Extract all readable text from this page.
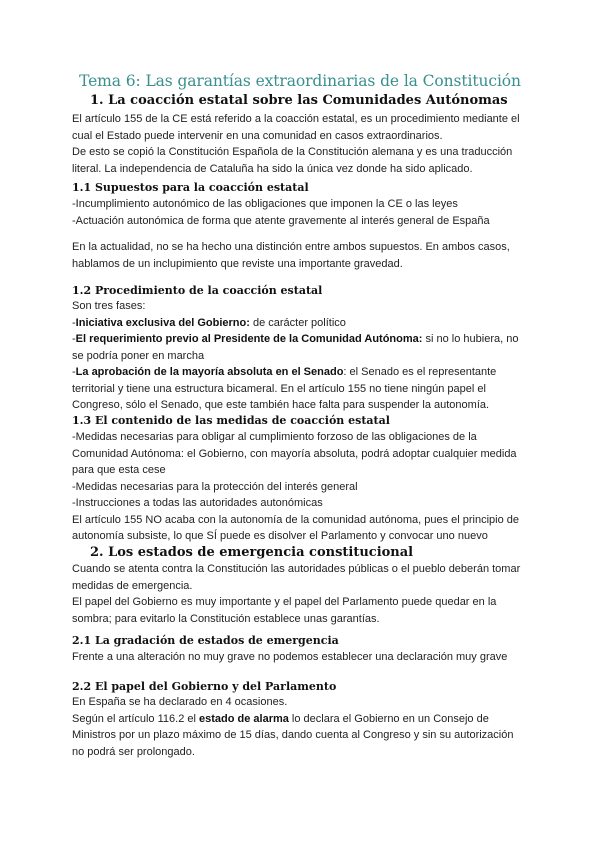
Tema 6: Las garantías extraordinarias de la Constitución
1. La coacción estatal sobre las Comunidades Autónomas
El artículo 155 de la CE está referido a la coacción estatal, es un procedimiento mediante el
cual el Estado puede intervenir en una comunidad en casos extraordinarios.
De esto se copió la Constitución Española de la Constitución alemana y es una traducción
literal. La independencia de Cataluña ha sido la única vez donde ha sido aplicado.
1.1 Supuestos para la coacción estatal
-Incumplimiento autonómico de las obligaciones que imponen la CE o las leyes
-Actuación autonómica de forma que atente gravemente al interés general de España
En la actualidad, no se ha hecho una distinción entre ambos supuestos. En ambos casos,
hablamos de un inclupimiento que reviste una importante gravedad.
1.2 Procedimiento de la coacción estatal
Son tres fases:
-Iniciativa exclusiva del Gobierno: de carácter político
-El requerimiento previo al Presidente de la Comunidad Autónoma: si no lo hubiera, no
se podría poner en marcha
-La aprobación de la mayoría absoluta en el Senado: el Senado es el representante
territorial y tiene una estructura bicameral. En el artículo 155 no tiene ningún papel el
Congreso, sólo el Senado, que este también hace falta para suspender la autonomía.
1.3 El contenido de las medidas de coacción estatal
-Medidas necesarias para obligar al cumplimiento forzoso de las obligaciones de la
Comunidad Autónoma: el Gobierno, con mayoría absoluta, podrá adoptar cualquier medida
para que esta cese
-Medidas necesarias para la protección del interés general
-Instrucciones a todas las autoridades autonómicas
El artículo 155 NO acaba con la autonomía de la comunidad autónoma, pues el principio de
autonomía subsiste, lo que SÍ puede es disolver el Parlamento y convocar uno nuevo
2. Los estados de emergencia constitucional
Cuando se atenta contra la Constitución las autoridades públicas o el pueblo deberán tomar
medidas de emergencia.
El papel del Gobierno es muy importante y el papel del Parlamento puede quedar en la
sombra; para evitarlo la Constitución establece unas garantías.
2.1 La gradación de estados de emergencia
Frente a una alteración no muy grave no podemos establecer una declaración muy grave
2.2 El papel del Gobierno y del Parlamento
En España se ha declarado en 4 ocasiones.
Según el artículo 116.2 el estado de alarma lo declara el Gobierno en un Consejo de
Ministros por un plazo máximo de 15 días, dando cuenta al Congreso y sin su autorización
no podrá ser prolongado.
